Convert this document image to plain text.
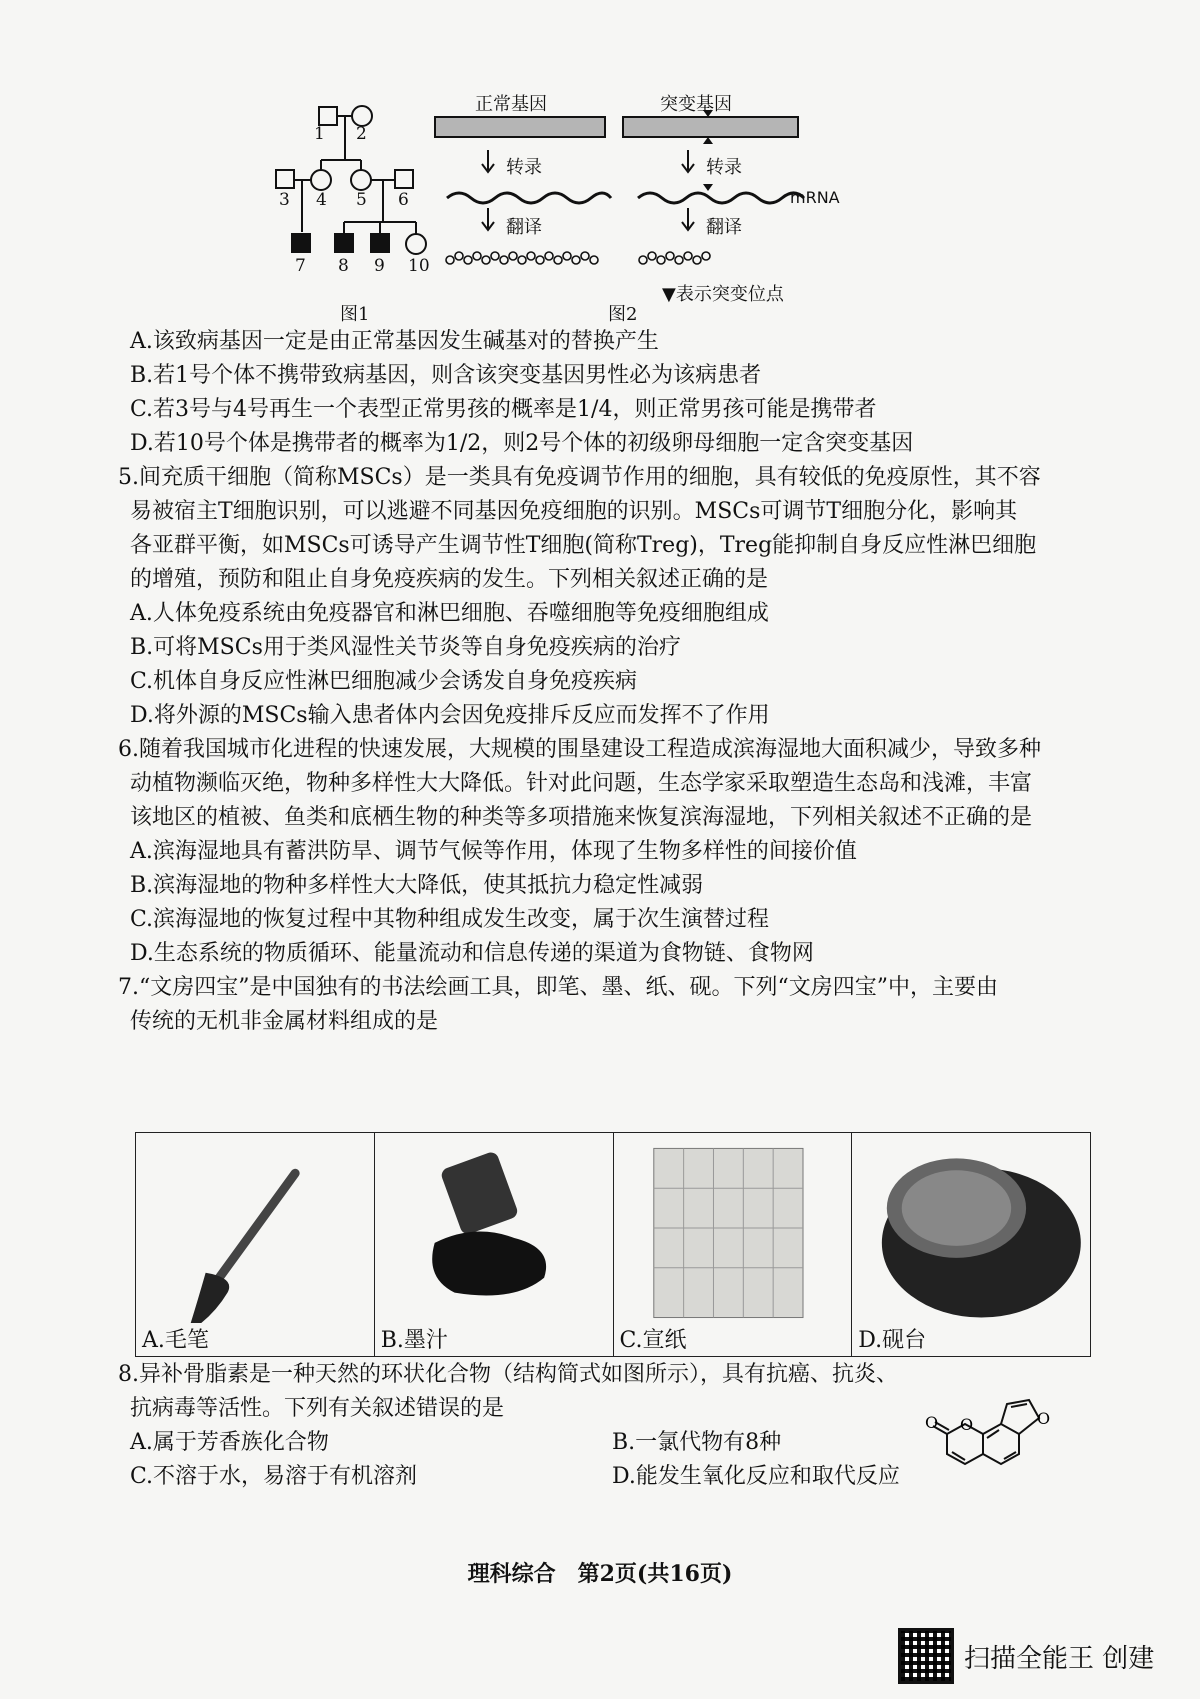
1 2
3 4 5 6
7 8 9 10
图1	图2
正常基因	突变基因
转录	转录
翻译	翻译
mRNA
▼表示突变位点
A.该致病基因一定是由正常基因发生碱基对的替换产生
B.若1号个体不携带致病基因，则含该突变基因男性必为该病患者
C.若3号与4号再生一个表型正常男孩的概率是1/4，则正常男孩可能是携带者
D.若10号个体是携带者的概率为1/2，则2号个体的初级卵母细胞一定含突变基因
5.间充质干细胞（简称MSCs）是一类具有免疫调节作用的细胞，具有较低的免疫原性，其不容
易被宿主T细胞识别，可以逃避不同基因免疫细胞的识别。MSCs可调节T细胞分化，影响其
各亚群平衡，如MSCs可诱导产生调节性T细胞(简称Treg)，Treg能抑制自身反应性淋巴细胞
的增殖，预防和阻止自身免疫疾病的发生。下列相关叙述正确的是
A.人体免疫系统由免疫器官和淋巴细胞、吞噬细胞等免疫细胞组成
B.可将MSCs用于类风湿性关节炎等自身免疫疾病的治疗
C.机体自身反应性淋巴细胞减少会诱发自身免疫疾病
D.将外源的MSCs输入患者体内会因免疫排斥反应而发挥不了作用
6.随着我国城市化进程的快速发展，大规模的围垦建设工程造成滨海湿地大面积减少，导致多种
动植物濒临灭绝，物种多样性大大降低。针对此问题，生态学家采取塑造生态岛和浅滩，丰富
该地区的植被、鱼类和底栖生物的种类等多项措施来恢复滨海湿地，下列相关叙述不正确的是
A.滨海湿地具有蓄洪防旱、调节气候等作用，体现了生物多样性的间接价值
B.滨海湿地的物种多样性大大降低，使其抵抗力稳定性减弱
C.滨海湿地的恢复过程中其物种组成发生改变，属于次生演替过程
D.生态系统的物质循环、能量流动和信息传递的渠道为食物链、食物网
7.“文房四宝”是中国独有的书法绘画工具，即笔、墨、纸、砚。下列“文房四宝”中，主要由
传统的无机非金属材料组成的是
A.毛笔	B.墨汁	C.宣纸	D.砚台
8.异补骨脂素是一种天然的环状化合物（结构简式如图所示），具有抗癌、抗炎、
抗病毒等活性。下列有关叙述错误的是
A.属于芳香族化合物	B.一氯代物有8种
C.不溶于水，易溶于有机溶剂	D.能发生氧化反应和取代反应
O O	O
理科综合　第2页(共16页)
扫描全能王 创建
